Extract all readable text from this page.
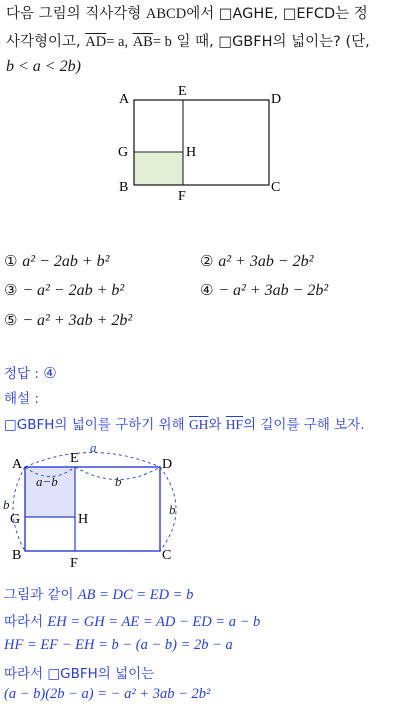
다음 그림의 직사각형 ABCD에서 □AGHE, □EFCD는 정
사각형이고, $\overline{AD}= a$, $\overline{AB}= b$ 일 때, □GBFH의 넓이는? (단,
b < a < 2b)
A
E
D
G	H
B
F
C
① a² − 2ab + b²	② a² + 3ab − 2b²
③ − a² − 2ab + b²	④ − a² + 3ab − 2b²
⑤ − a² + 3ab + 2b²
정답 : ④
해설 :
□GBFH의 넓이를 구하기 위해 $\overline{GH}$와 $\overline{HF}$의 길이를 구해 보자.
a
a−b	b
b	b
A	E	D
G	H
B
F
C
그림과 같이 AB = DC = ED = b
따라서 EH = GH = AE = AD − ED = a − b
HF = EF − EH = b − (a − b) = 2b − a
따라서 □GBFH의 넓이는
(a − b)(2b − a) = − a² + 3ab − 2b²
